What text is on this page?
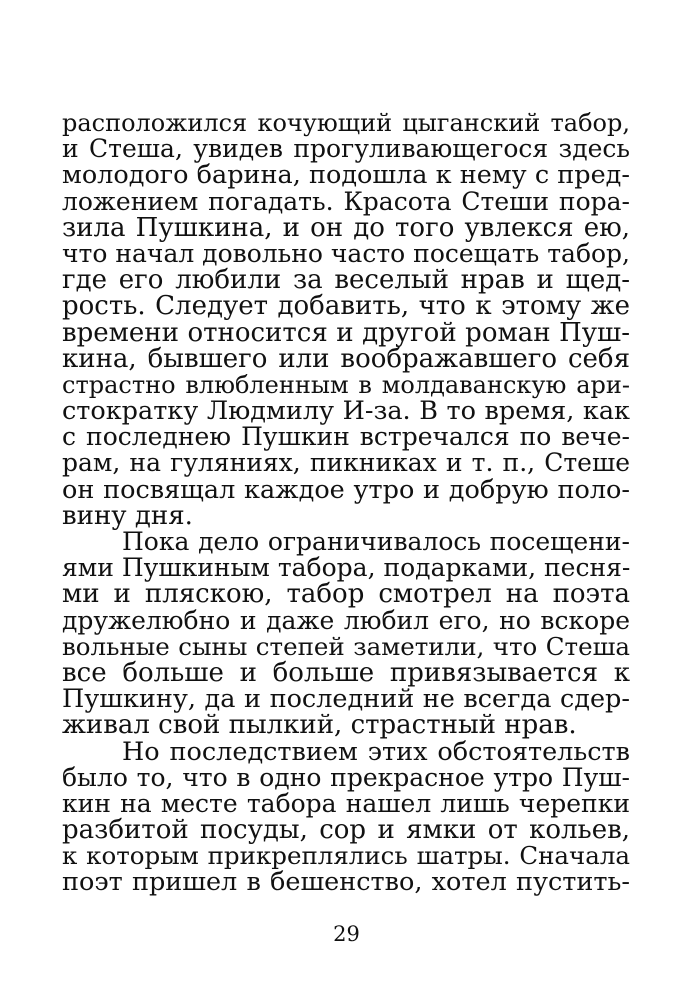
расположился кочующий цыганский табор,
и Стеша, увидев прогуливающегося здесь
молодого барина, подошла к нему с пред-
ложением погадать. Красота Стеши пора-
зила Пушкина, и он до того увлекся ею,
что начал довольно часто посещать табор,
где его любили за веселый нрав и щед-
рость. Следует добавить, что к этому же
времени относится и другой роман Пуш-
кина, бывшего или воображавшего себя
страстно влюбленным в молдаванскую ари-
стократку Людмилу И-за. В то время, как
с последнею Пушкин встречался по вече-
рам, на гуляниях, пикниках и т. п., Стеше
он посвящал каждое утро и добрую поло-
вину дня.
Пока дело ограничивалось посещени-
ями Пушкиным табора, подарками, песня-
ми и пляскою, табор смотрел на поэта
дружелюбно и даже любил его, но вскоре
вольные сыны степей заметили, что Стеша
все больше и больше привязывается к
Пушкину, да и последний не всегда сдер-
живал свой пылкий, страстный нрав.
Но последствием этих обстоятельств
было то, что в одно прекрасное утро Пуш-
кин на месте табора нашел лишь черепки
разбитой посуды, сор и ямки от кольев,
к которым прикреплялись шатры. Сначала
поэт пришел в бешенство, хотел пустить-
29
